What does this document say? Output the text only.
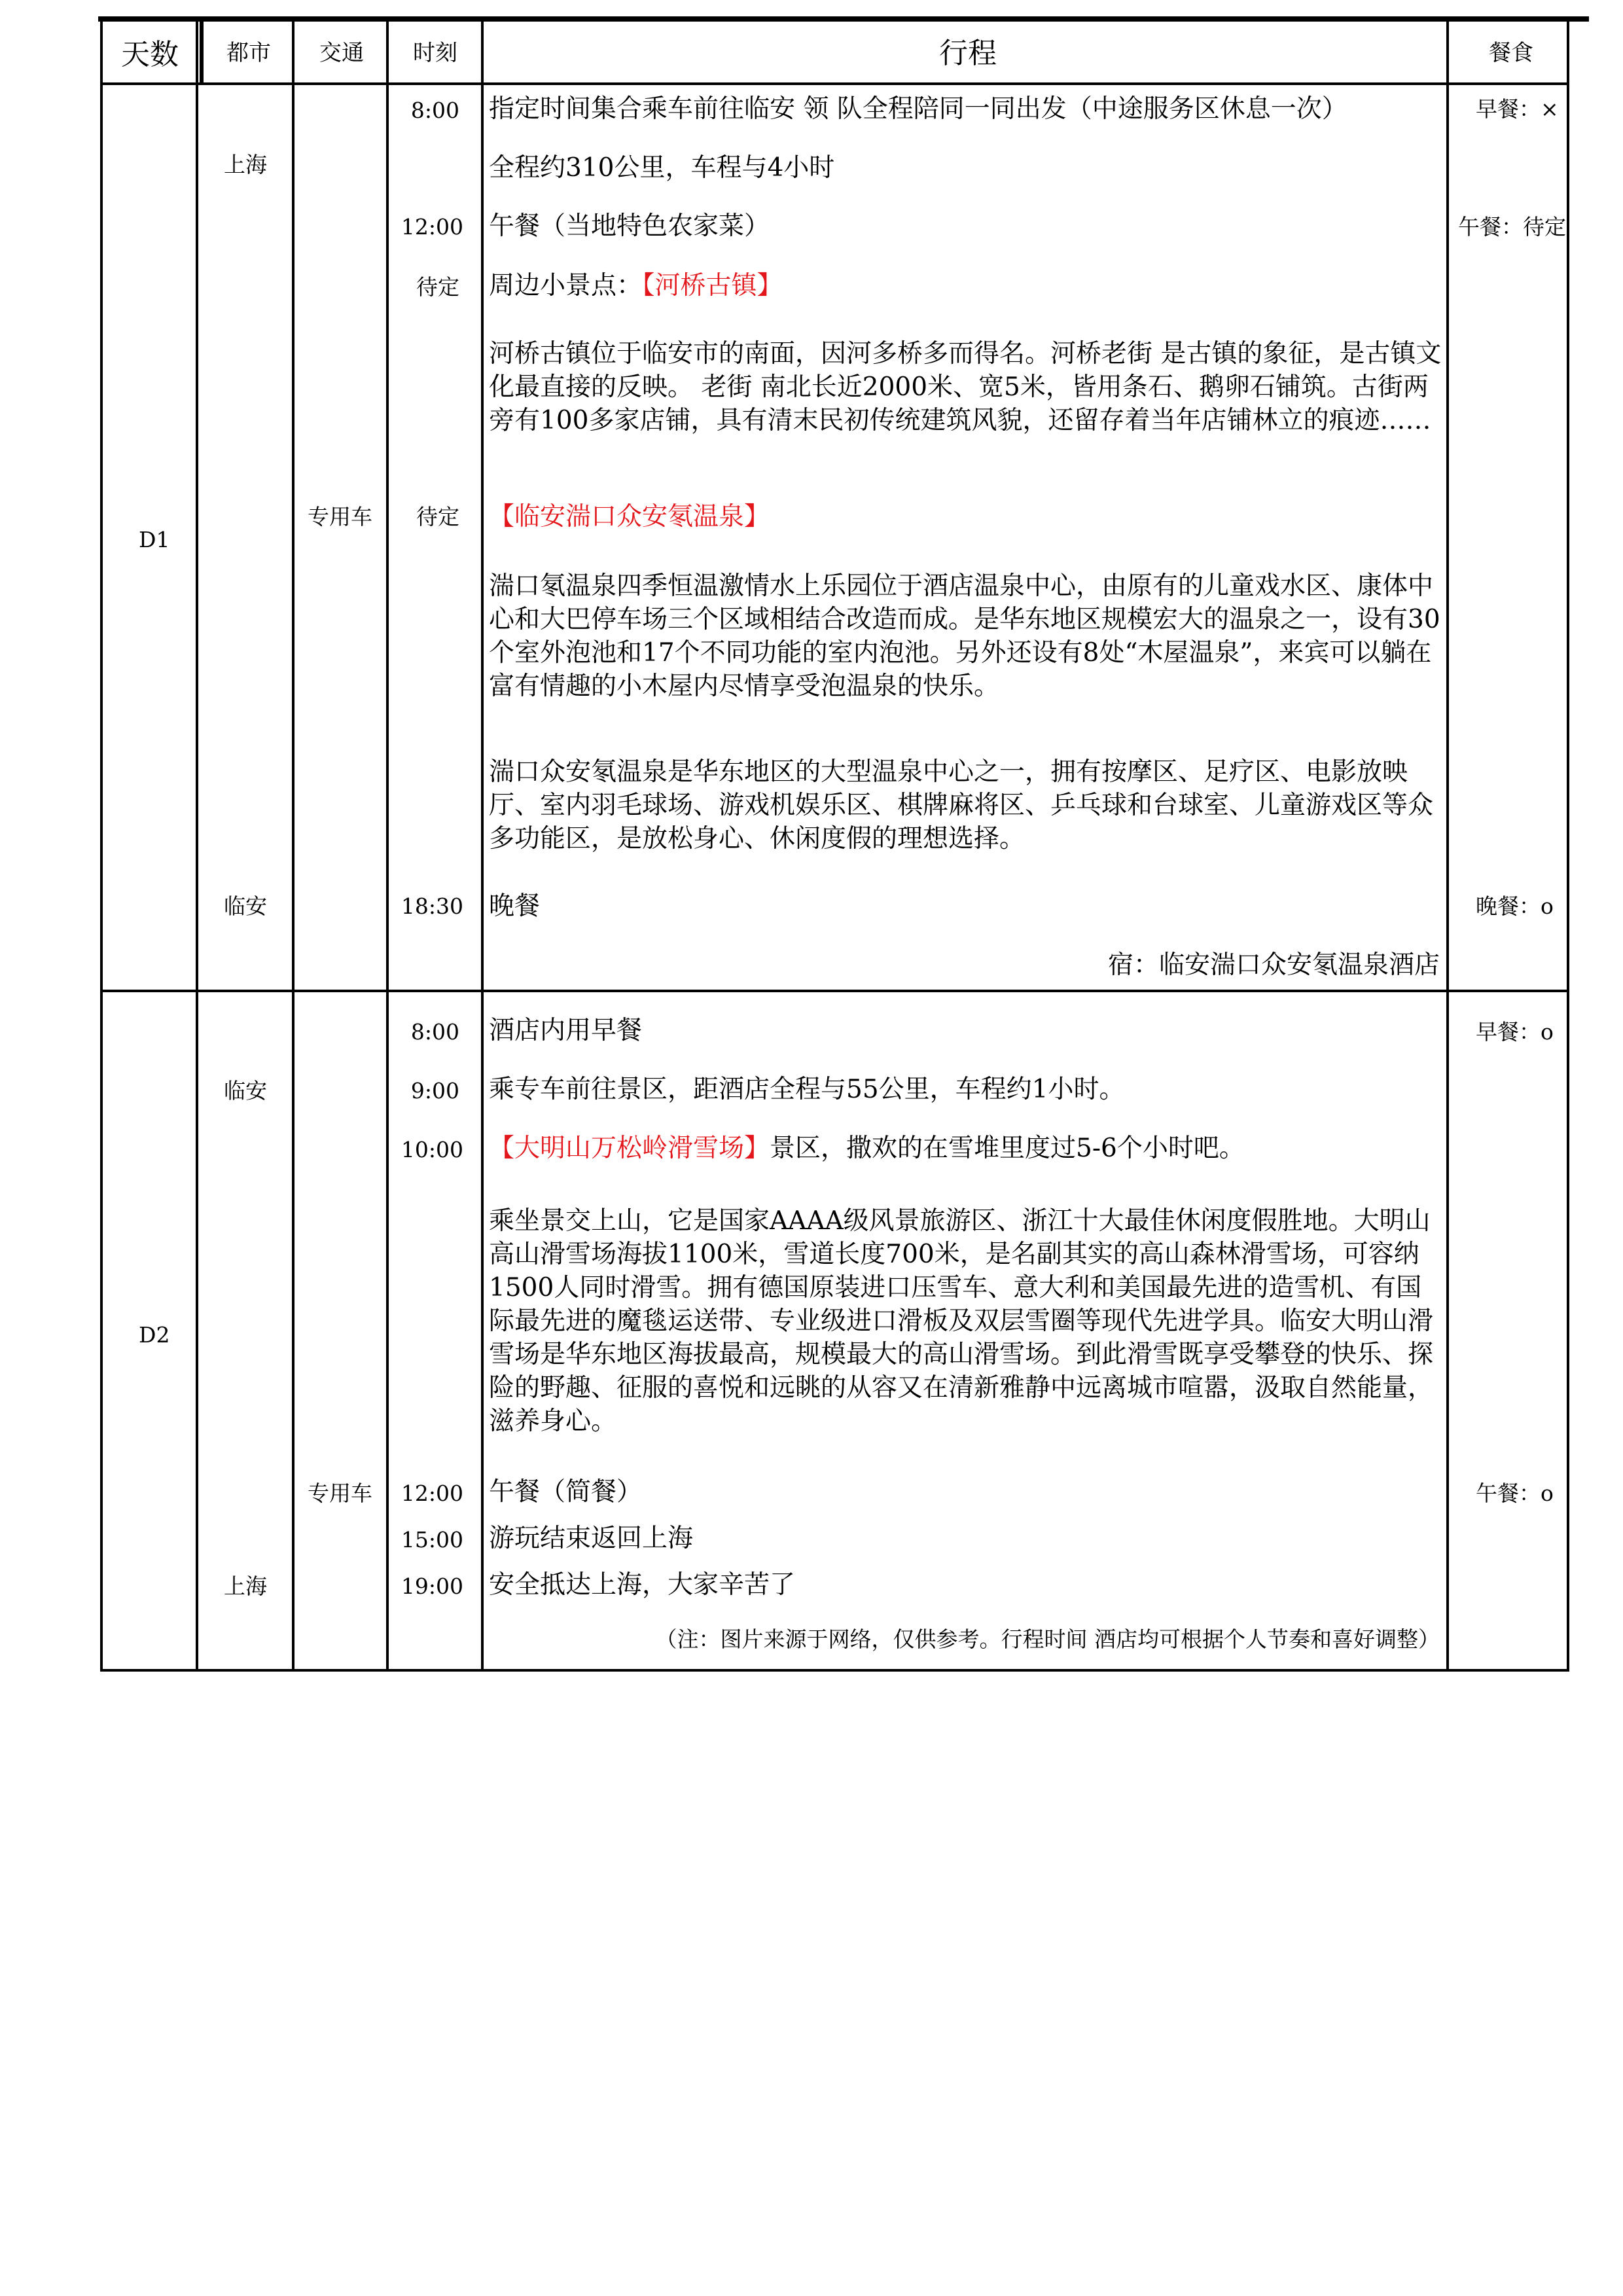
天数 都市 交通 时刻	行程	餐食
D1
上海
临安
专用车
8:00
12:00
待定
待定
18:30
指定时间集合乘车前往临安 领 队全程陪同一同出发（中途服务区休息一次）
全程约310公里，车程与4小时
午餐（当地特色农家菜）
周边小景点：【河桥古镇】
河桥古镇位于临安市的南面，因河多桥多而得名。河桥老街 是古镇的象征，是古镇文化最直接的反映。 老街 南北长近2000米、宽5米，皆用条石、鹅卵石铺筑。古街两旁有100多家店铺，具有清末民初传统建筑风貌，还留存着当年店铺林立的痕迹……
【临安湍口众安氡温泉】
湍口氡温泉四季恒温激情水上乐园位于酒店温泉中心，由原有的儿童戏水区、康体中心和大巴停车场三个区域相结合改造而成。是华东地区规模宏大的温泉之一，设有30个室外泡池和17个不同功能的室内泡池。另外还设有8处“木屋温泉”，来宾可以躺在富有情趣的小木屋内尽情享受泡温泉的快乐。
湍口众安氡温泉是华东地区的大型温泉中心之一，拥有按摩区、足疗区、电影放映厅、室内羽毛球场、游戏机娱乐区、棋牌麻将区、乒乓球和台球室、儿童游戏区等众多功能区，是放松身心、休闲度假的理想选择。
晚餐
宿：临安湍口众安氡温泉酒店
早餐：×
午餐：待定
晚餐：o
D2
临安
上海
专用车
8:00
9:00
10:00
12:00
15:00
19:00
酒店内用早餐
乘专车前往景区，距酒店全程与55公里，车程约1小时。
【大明山万松岭滑雪场】景区，撒欢的在雪堆里度过5-6个小时吧。
乘坐景交上山，它是国家AAAA级风景旅游区、浙江十大最佳休闲度假胜地。大明山高山滑雪场海拔1100米，雪道长度700米，是名副其实的高山森林滑雪场，可容纳1500人同时滑雪。拥有德国原装进口压雪车、意大利和美国最先进的造雪机、有国际最先进的魔毯运送带、专业级进口滑板及双层雪圈等现代先进学具。临安大明山滑雪场是华东地区海拔最高，规模最大的高山滑雪场。到此滑雪既享受攀登的快乐、探险的野趣、征服的喜悦和远眺的从容又在清新雅静中远离城市喧嚣，汲取自然能量，滋养身心。
午餐（简餐）
游玩结束返回上海
安全抵达上海，大家辛苦了
（注：图片来源于网络，仅供参考。行程时间 酒店均可根据个人节奏和喜好调整）
早餐：o
午餐：o
